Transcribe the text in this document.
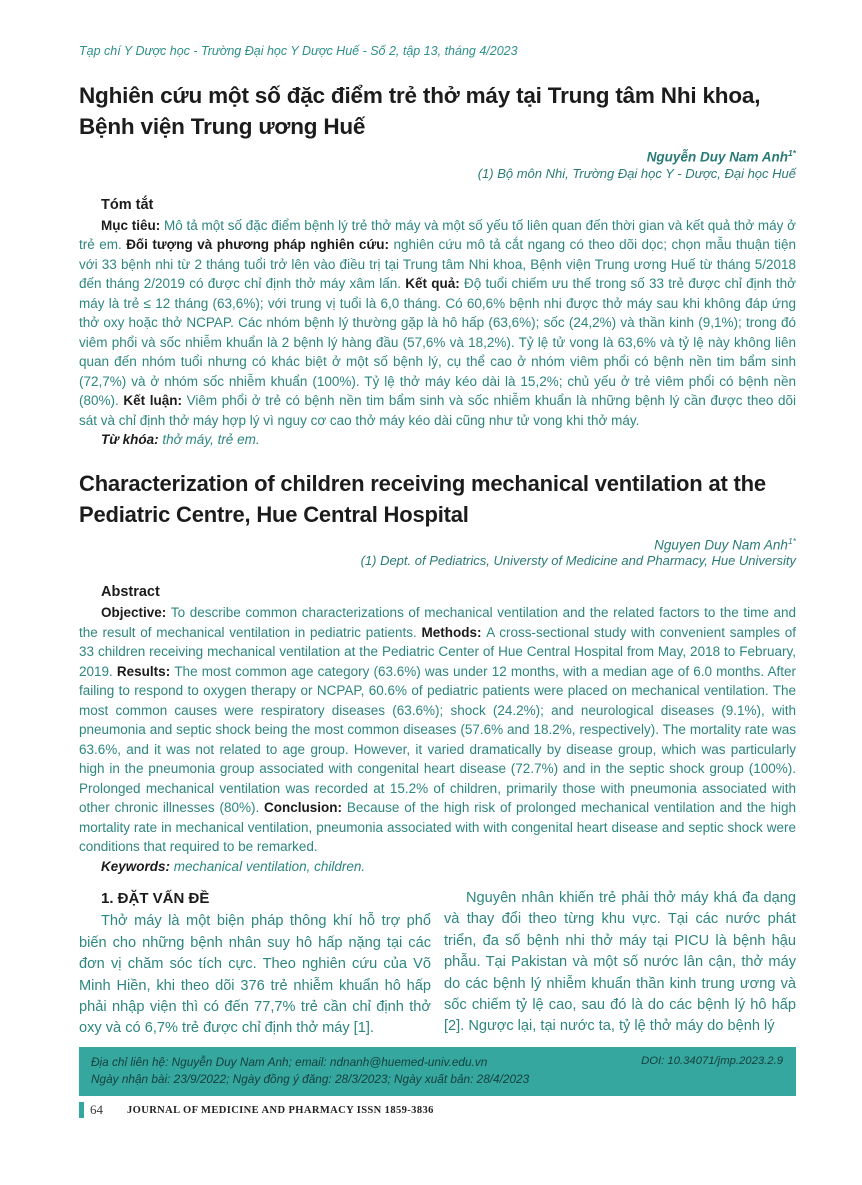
Tạp chí Y Dược học - Trường Đại học Y Dược Huế - Số 2, tập 13, tháng 4/2023
Nghiên cứu một số đặc điểm trẻ thở máy tại Trung tâm Nhi khoa, Bệnh viện Trung ương Huế
Nguyễn Duy Nam Anh$^{1*}$
(1) Bộ môn Nhi, Trường Đại học Y - Dược, Đại học Huế
Tóm tắt

Mục tiêu: Mô tả một số đặc điểm bệnh lý trẻ thở máy và một số yếu tố liên quan đến thời gian và kết quả thở máy ở trẻ em. Đối tượng và phương pháp nghiên cứu: nghiên cứu mô tả cắt ngang có theo dõi dọc; chọn mẫu thuận tiện với 33 bệnh nhi từ 2 tháng tuổi trở lên vào điều trị tại Trung tâm Nhi khoa, Bệnh viện Trung ương Huế từ tháng 5/2018 đến tháng 2/2019 có được chỉ định thở máy xâm lấn. Kết quả: Độ tuổi chiếm ưu thế trong số 33 trẻ được chỉ định thở máy là trẻ ≤ 12 tháng (63,6%); với trung vị tuổi là 6,0 tháng. Có 60,6% bệnh nhi được thở máy sau khi không đáp ứng thở oxy hoặc thở NCPAP. Các nhóm bệnh lý thường gặp là hô hấp (63,6%); sốc (24,2%) và thần kinh (9,1%); trong đó viêm phổi và sốc nhiễm khuẩn là 2 bệnh lý hàng đầu (57,6% và 18,2%). Tỷ lệ tử vong là 63,6% và tỷ lệ này không liên quan đến nhóm tuổi nhưng có khác biệt ở một số bệnh lý, cụ thể cao ở nhóm viêm phổi có bệnh nền tim bẩm sinh (72,7%) và ở nhóm sốc nhiễm khuẩn (100%). Tỷ lệ thở máy kéo dài là 15,2%; chủ yếu ở trẻ viêm phổi có bệnh nền (80%). Kết luận: Viêm phổi ở trẻ có bệnh nền tim bẩm sinh và sốc nhiễm khuẩn là những bệnh lý cần được theo dõi sát và chỉ định thở máy hợp lý vì nguy cơ cao thở máy kéo dài cũng như tử vong khi thở máy.

Từ khóa: thở máy, trẻ em.

Characterization of children receiving mechanical ventilation at the Pediatric Centre, Hue Central Hospital
Nguyen Duy Nam Anh$^{1*}$
(1) Dept. of Pediatrics, Universty of Medicine and Pharmacy, Hue University
Abstract

Objective: To describe common characterizations of mechanical ventilation and the related factors to the time and the result of mechanical ventilation in pediatric patients. Methods: A cross-sectional study with convenient samples of 33 children receiving mechanical ventilation at the Pediatric Center of Hue Central Hospital from May, 2018 to February, 2019. Results: The most common age category (63.6%) was under 12 months, with a median age of 6.0 months. After failing to respond to oxygen therapy or NCPAP, 60.6% of pediatric patients were placed on mechanical ventilation. The most common causes were respiratory diseases (63.6%); shock (24.2%); and neurological diseases (9.1%), with pneumonia and septic shock being the most common diseases (57.6% and 18.2%, respectively). The mortality rate was 63.6%, and it was not related to age group. However, it varied dramatically by disease group, which was particularly high in the pneumonia group associated with congenital heart disease (72.7%) and in the septic shock group (100%). Prolonged mechanical ventilation was recorded at 15.2% of children, primarily those with pneumonia associated with other chronic illnesses (80%). Conclusion: Because of the high risk of prolonged mechanical ventilation and the high mortality rate in mechanical ventilation, pneumonia associated with with congenital heart disease and septic shock were conditions that required to be remarked.

Keywords: mechanical ventilation, children.

1. ĐẶT VẤN ĐỀ

Thở máy là một biện pháp thông khí hỗ trợ phổ biến cho những bệnh nhân suy hô hấp nặng tại các đơn vị chăm sóc tích cực. Theo nghiên cứu của Võ Minh Hiền, khi theo dõi 376 trẻ nhiễm khuẩn hô hấp phải nhập viện thì có đến 77,7% trẻ cần chỉ định thở oxy và có 6,7% trẻ được chỉ định thở máy [1].

Nguyên nhân khiến trẻ phải thở máy khá đa dạng và thay đổi theo từng khu vực. Tại các nước phát triển, đa số bệnh nhi thở máy tại PICU là bệnh hậu phẫu. Tại Pakistan và một số nước lân cận, thở máy do các bệnh lý nhiễm khuẩn thần kinh trung ương và sốc chiếm tỷ lệ cao, sau đó là do các bệnh lý hô hấp [2]. Ngược lại, tại nước ta, tỷ lệ thở máy do bệnh lý

Địa chỉ liên hệ: Nguyễn Duy Nam Anh; email: ndnanh@huemed-univ.edu.vn
Ngày nhận bài: 23/9/2022; Ngày đồng ý đăng: 28/3/2023; Ngày xuất bản: 28/4/2023
DOI: 10.34071/jmp.2023.2.9
64 JOURNAL OF MEDICINE AND PHARMACY ISSN 1859-3836
